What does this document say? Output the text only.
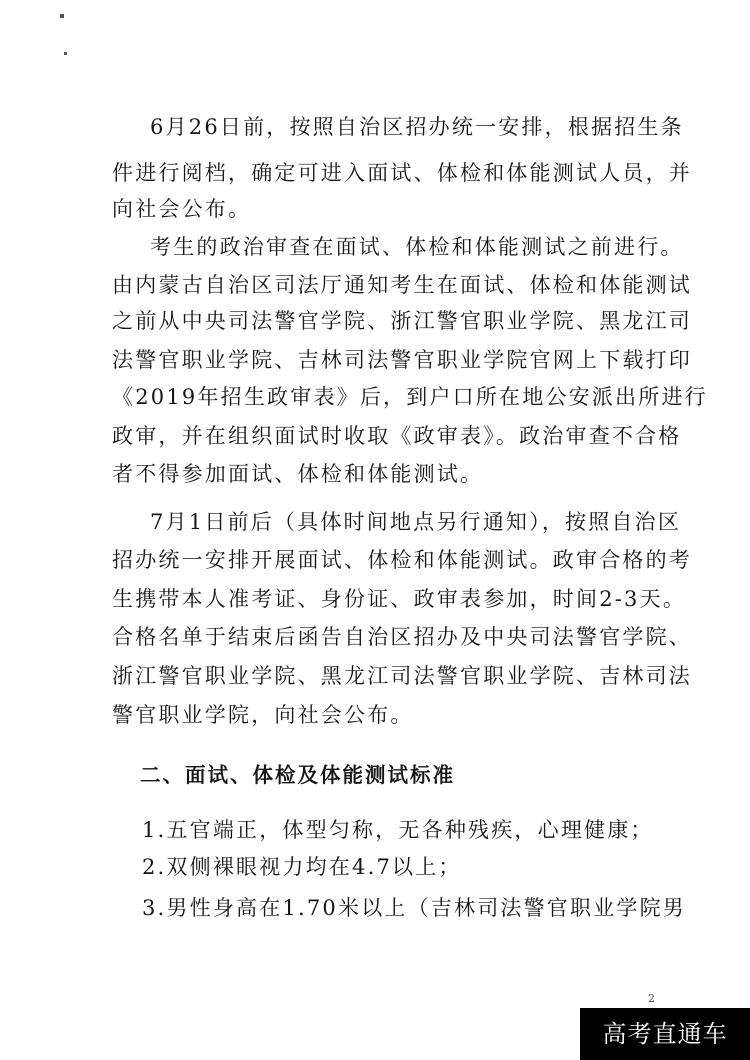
6月26日前，按照自治区招办统一安排，根据招生条
件进行阅档，确定可进入面试、体检和体能测试人员，并
向社会公布。
考生的政治审查在面试、体检和体能测试之前进行。
由内蒙古自治区司法厅通知考生在面试、体检和体能测试
之前从中央司法警官学院、浙江警官职业学院、黑龙江司
法警官职业学院、吉林司法警官职业学院官网上下载打印
《2019年招生政审表》后，到户口所在地公安派出所进行
政审，并在组织面试时收取《政审表》。政治审查不合格
者不得参加面试、体检和体能测试。
7月1日前后（具体时间地点另行通知），按照自治区
招办统一安排开展面试、体检和体能测试。政审合格的考
生携带本人准考证、身份证、政审表参加，时间2-3天。
合格名单于结束后函告自治区招办及中央司法警官学院、
浙江警官职业学院、黑龙江司法警官职业学院、吉林司法
警官职业学院，向社会公布。
二、面试、体检及体能测试标准
1.五官端正，体型匀称，无各种残疾，心理健康；
2.双侧裸眼视力均在4.7以上；
3.男性身高在1.70米以上（吉林司法警官职业学院男
2
高考直通车
